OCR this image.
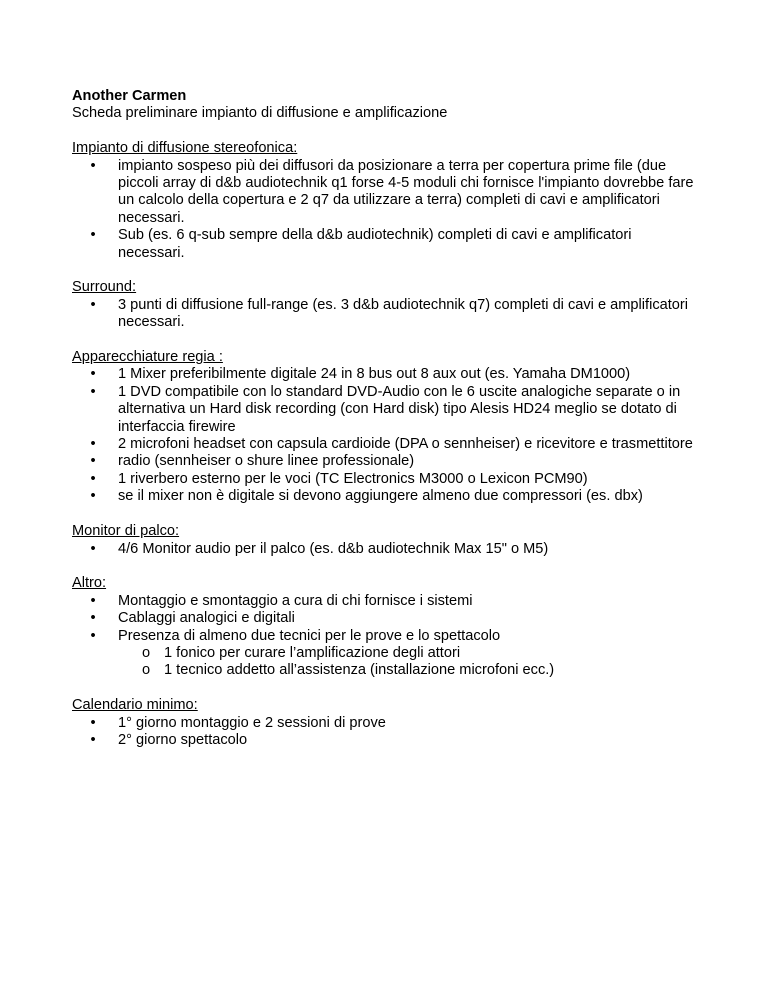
Another Carmen

Scheda preliminare impianto di diffusione e amplificazione

Impianto di diffusione stereofonica:

• impianto sospeso più dei diffusori da posizionare a terra per copertura prime file (due piccoli array di d&b audiotechnik q1 forse 4-5 moduli chi fornisce l'impianto dovrebbe fare un calcolo della copertura e 2 q7 da utilizzare a terra) completi di cavi e amplificatori necessari.
• Sub (es. 6 q-sub sempre della d&b audiotechnik) completi di cavi e amplificatori necessari.

Surround:

• 3 punti di diffusione full-range (es. 3 d&b audiotechnik q7) completi di cavi e amplificatori necessari.

Apparecchiature regia :

• 1 Mixer preferibilmente digitale 24 in 8 bus out 8 aux out (es. Yamaha DM1000)
• 1 DVD compatibile con lo standard DVD-Audio con le 6 uscite analogiche separate o in alternativa un Hard disk recording (con Hard disk) tipo Alesis HD24 meglio se dotato di interfaccia firewire
• 2 microfoni headset con capsula cardioide (DPA o sennheiser) e ricevitore e trasmettitore
• radio (sennheiser o shure linee professionale)
• 1 riverbero esterno per le voci (TC Electronics M3000 o Lexicon PCM90)
• se il mixer non è digitale si devono aggiungere almeno due compressori (es. dbx)

Monitor di palco:

• 4/6 Monitor audio per il palco (es. d&b audiotechnik Max 15" o M5)

Altro:

• Montaggio e smontaggio a cura di chi fornisce i sistemi
• Cablaggi analogici e digitali
• Presenza di almeno due tecnici per le prove e lo spettacolo
o 1 fonico per curare l’amplificazione degli attori
o 1 tecnico addetto all’assistenza (installazione microfoni ecc.)

Calendario minimo:

• 1° giorno montaggio e 2 sessioni di prove
• 2° giorno spettacolo
